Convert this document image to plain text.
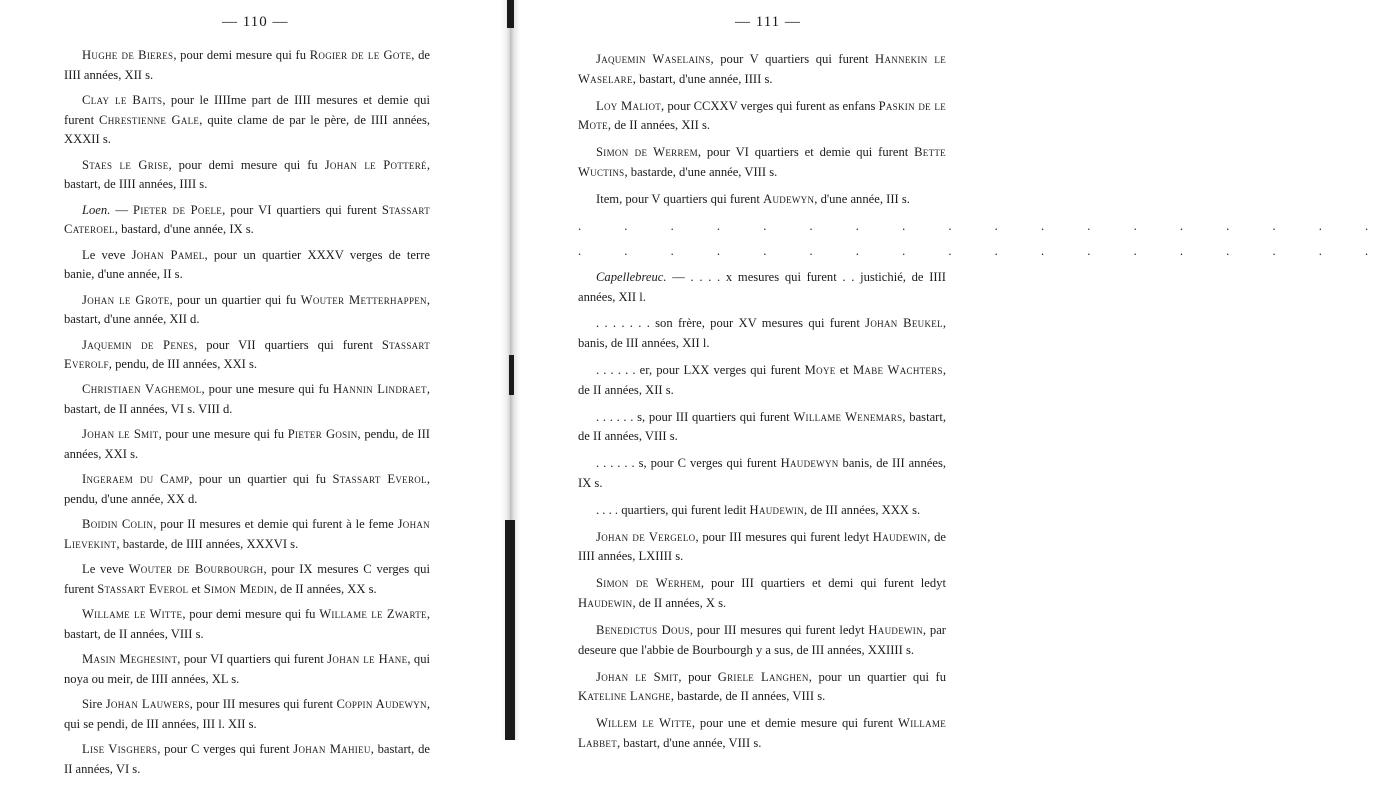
— 110 —

Hughe de Bieres, pour demi mesure qui fu Rogier de le Gote, de IIII années, XII s.

Clay le Baits, pour le IIIIme part de IIII mesures et demie qui furent Chrestienne Gale, quite clame de par le père, de IIII années, XXXII s.

Staes le Grise, pour demi mesure qui fu Johan le Potteré, bastart, de IIII années, IIII s.

Loen. — Pieter de Poele, pour VI quartiers qui furent Stassart Cateroel, bastard, d'une année, IX s.

Le veve Johan Pamel, pour un quartier XXXV verges de terre banie, d'une année, II s.

Johan le Grote, pour un quartier qui fu Wouter Metterhappen, bastart, d'une année, XII d.

Jaquemin de Penes, pour VII quartiers qui furent Stassart Everolf, pendu, de III années, XXI s.

Christiaen Vaghemol, pour une mesure qui fu Hannin Lindraet, bastart, de II années, VI s. VIII d.

Johan le Smit, pour une mesure qui fu Pieter Gosin, pendu, de III années, XXI s.

Ingeraem du Camp, pour un quartier qui fu Stassart Everol, pendu, d'une année, XX d.

Boidin Colin, pour II mesures et demie qui furent à le feme Johan Lievekint, bastarde, de IIII années, XXXVI s.

Le veve Wouter de Bourbourgh, pour IX mesures C verges qui furent Stassart Everol et Simon Medin, de II années, XX s.

Willame le Witte, pour demi mesure qui fu Willame le Zwarte, bastart, de II années, VIII s.

Masin Meghesint, pour VI quartiers qui furent Johan le Hane, qui noya ou meir, de IIII années, XL s.

Sire Johan Lauwers, pour III mesures qui furent Coppin Audewyn, qui se pendi, de III années, III l. XII s.

Lise Visghers, pour C verges qui furent Johan Mahieu, bastart, de II années, VI s.

— 111 —

Jaquemin Waselains, pour V quartiers qui furent Hannekin le Waselare, bastart, d'une année, IIII s.

Loy Maliot, pour CCXXV verges qui furent as enfans Paskin de le Mote, de II années, XII s.

Simon de Werrem, pour VI quartiers et demie qui furent Bette Wuctins, bastarde, d'une année, VIII s.

Item, pour V quartiers qui furent Audewyn, d'une année, III s.

. . . . . . . . . . . . . . . . . .
. . . . . . . . . . . . . . . . . .

Capellebreuc. — . . . . x mesures qui furent . . justichié, de IIII années, XII l.

. . . . . . . son frère, pour XV mesures qui furent Johan Beukel, banis, de III années, XII l.

. . . . . . er, pour LXX verges qui furent Moye et Mabe Wachters, de II années, XII s.

. . . . . . s, pour III quartiers qui furent Willame Wenemars, bastart, de II années, VIII s.

. . . . . . s, pour C verges qui furent Haudewyn banis, de III années, IX s.

. . . . quartiers, qui furent ledit Haudewin, de III années, XXX s.

Johan de Vergelo, pour III mesures qui furent ledyt Haudewin, de IIII années, LXIIII s.

Simon de Werhem, pour III quartiers et demi qui furent ledyt Haudewin, de II années, X s.

Benedictus Dous, pour III mesures qui furent ledyt Haudewin, par deseure que l'abbie de Bourbourgh y a sus, de III années, XXIIII s.

Johan le Smit, pour Griele Langhen, pour un quartier qui fu Kateline Langhe, bastarde, de II années, VIII s.

Willem le Witte, pour une et demie mesure qui furent Willame Labbet, bastart, d'une année, VIII s.
